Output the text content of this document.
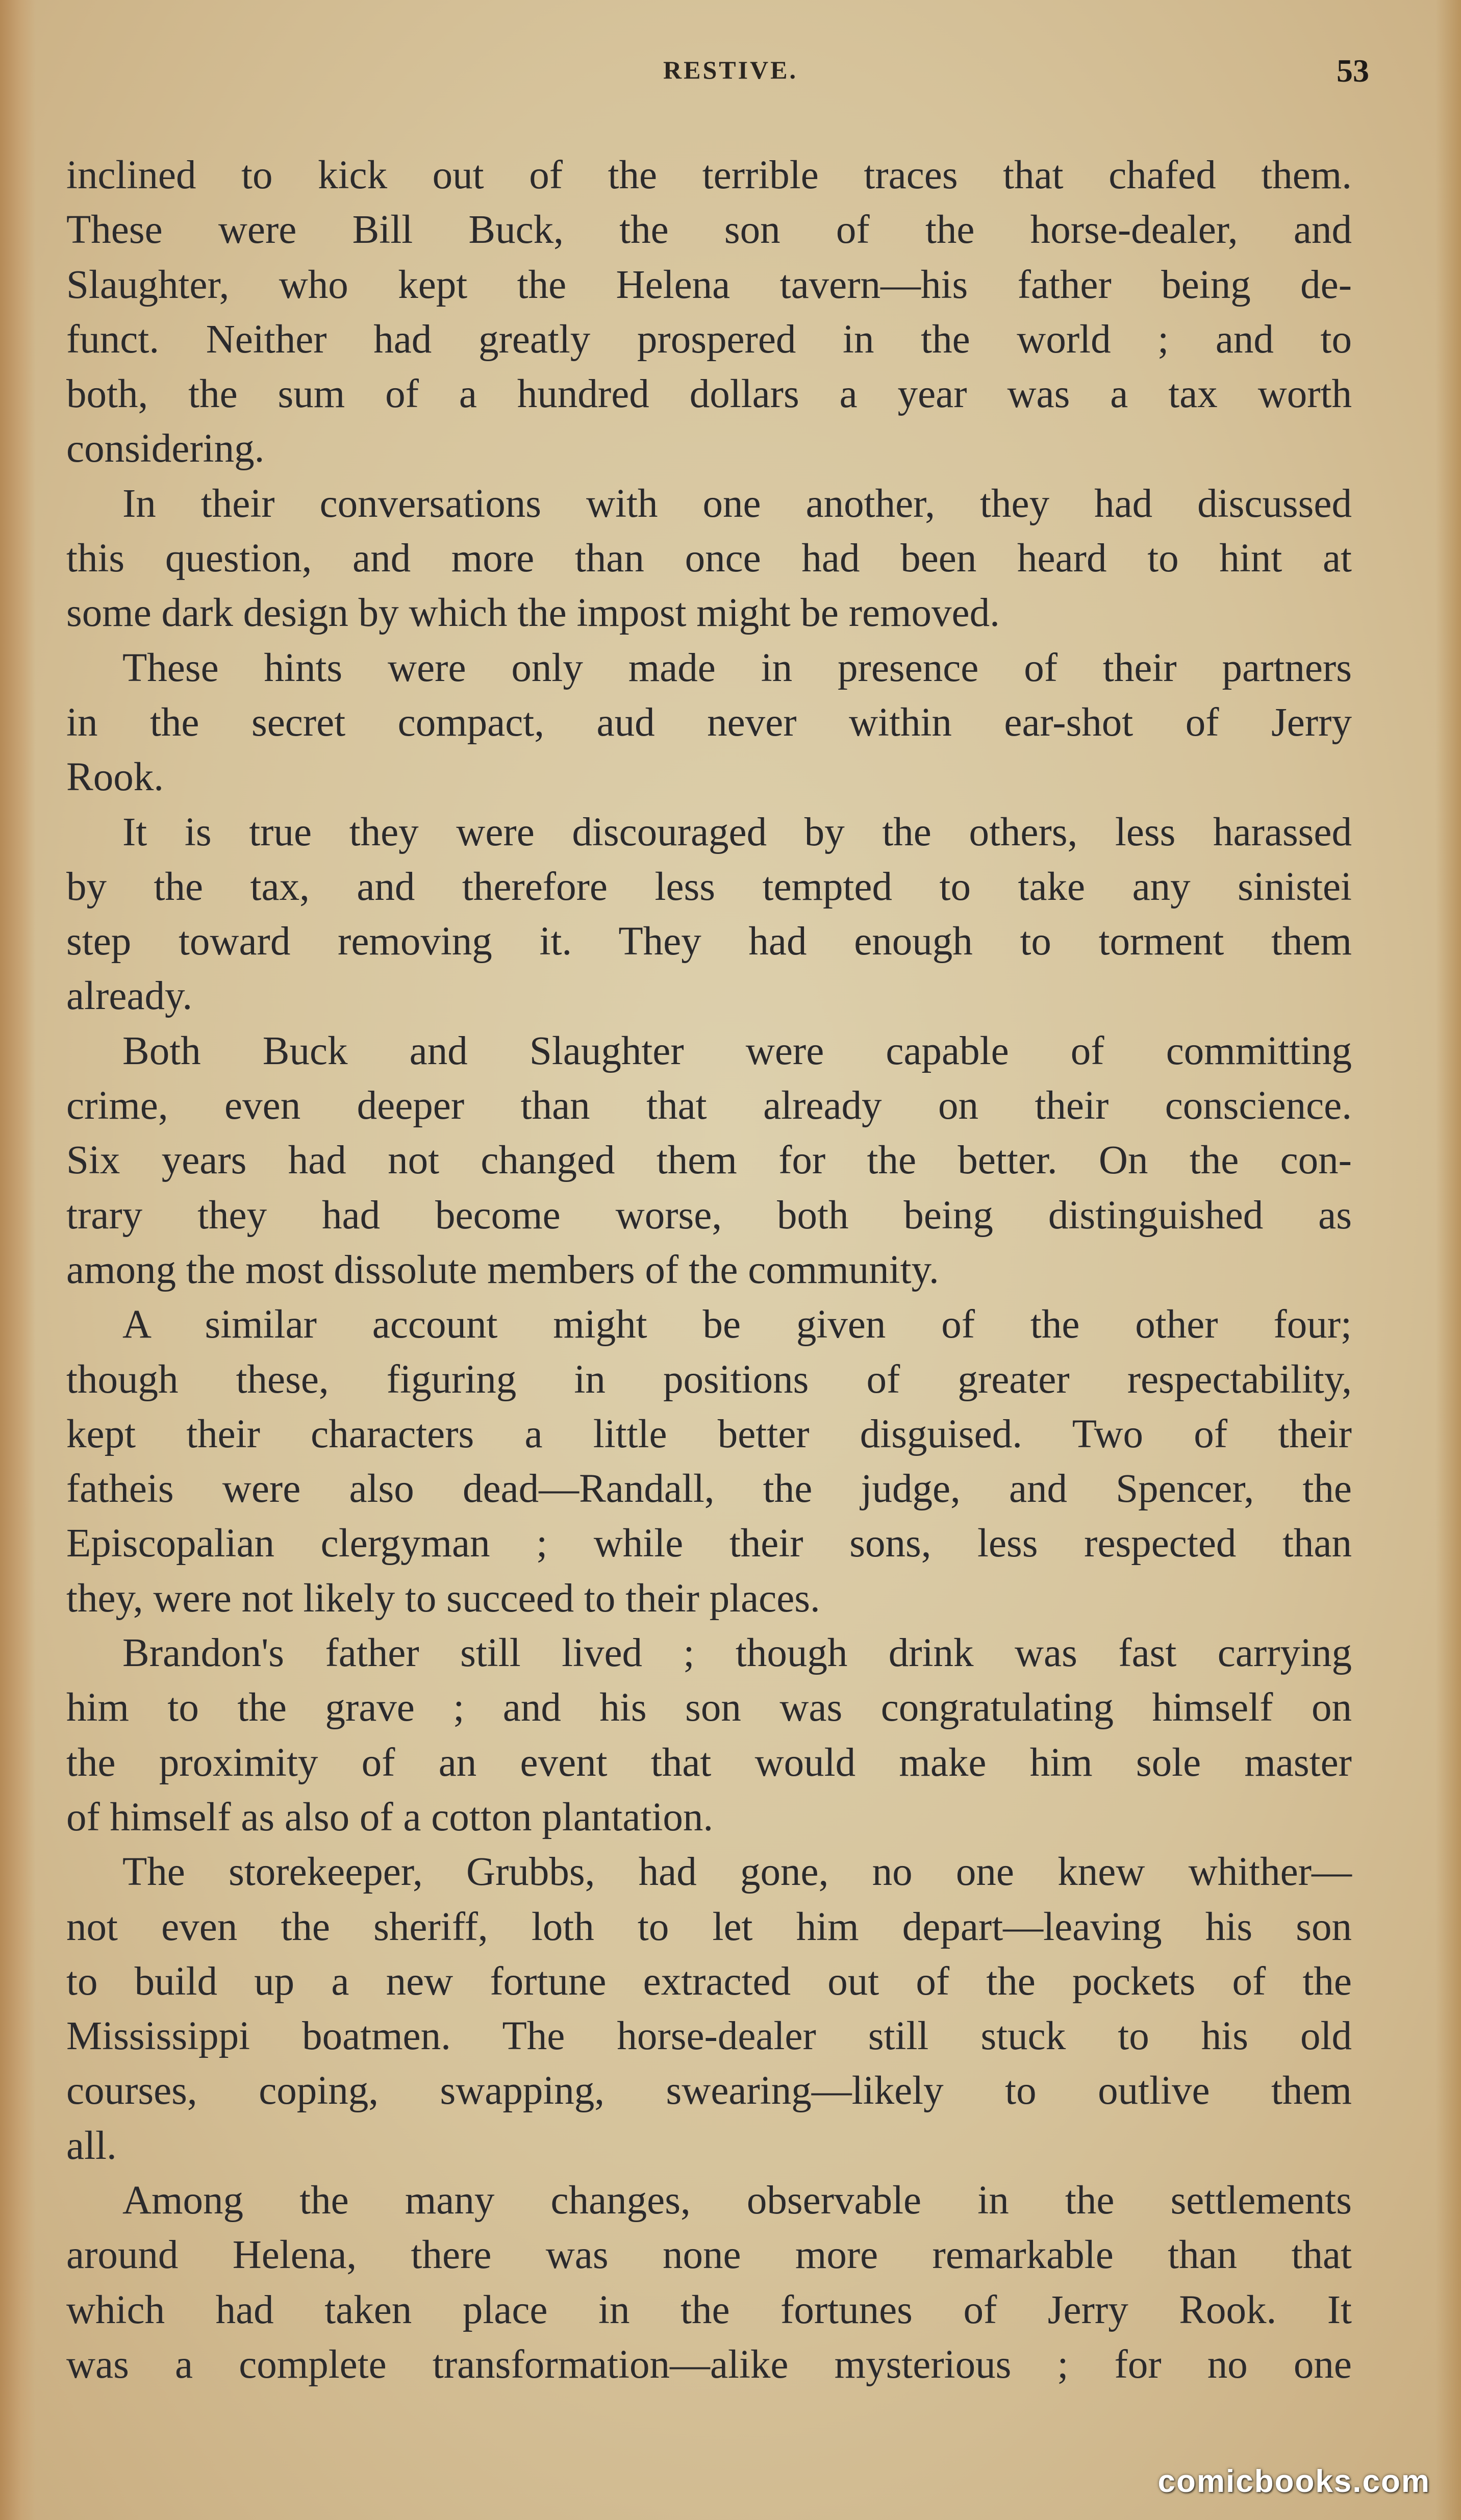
RESTIVE.	53

inclined to kick out of the terrible traces that chafed them.

These were Bill Buck, the son of the horse-dealer, and

Slaughter, who kept the Helena tavern—his father being de-

funct. Neither had greatly prospered in the world ; and to

both, the sum of a hundred dollars a year was a tax worth

considering.

In their conversations with one another, they had discussed

this question, and more than once had been heard to hint at

some dark design by which the impost might be removed.

These hints were only made in presence of their partners

in the secret compact, aud never within ear-shot of Jerry

Rook.

It is true they were discouraged by the others, less harassed

by the tax, and therefore less tempted to take any sinistei

step toward removing it. They had enough to torment them

already.

Both Buck and Slaughter were capable of committing

crime, even deeper than that already on their conscience.

Six years had not changed them for the better. On the con-

trary they had become worse, both being distinguished as

among the most dissolute members of the community.

A similar account might be given of the other four;

though these, figuring in positions of greater respectability,

kept their characters a little better disguised. Two of their

fatheis were also dead—Randall, the judge, and Spencer, the

Episcopalian clergyman ; while their sons, less respected than

they, were not likely to succeed to their places.

Brandon's father still lived ; though drink was fast carrying

him to the grave ; and his son was congratulating himself on

the proximity of an event that would make him sole master

of himself as also of a cotton plantation.

The storekeeper, Grubbs, had gone, no one knew whither—

not even the sheriff, loth to let him depart—leaving his son

to build up a new fortune extracted out of the pockets of the

Mississippi boatmen. The horse-dealer still stuck to his old

courses, coping, swapping, swearing—likely to outlive them

all.

Among the many changes, observable in the settlements

around Helena, there was none more remarkable than that

which had taken place in the fortunes of Jerry Rook. It

was a complete transformation—alike mysterious ; for no one

comicbooks.com
